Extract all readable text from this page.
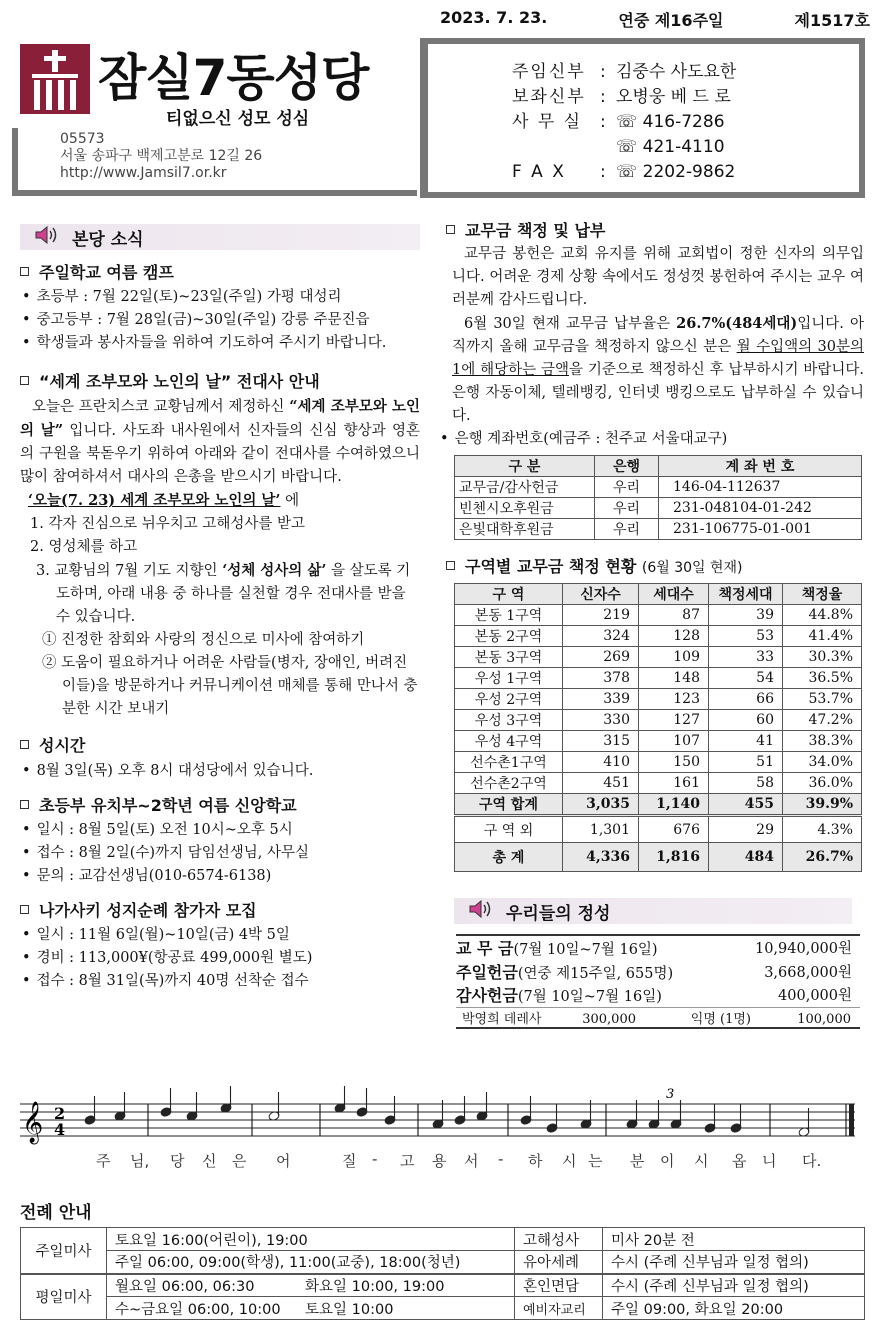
2023. 7. 23.	연중 제16주일	제1517호
잠실7동성당
티없으신 성모 성심
05573
서울 송파구 백제고분로 12길 26
http://www.Jamsil7.or.kr
주임신부 : 김중수 사도요한
보좌신부 : 오병웅 베 드 로
사 무 실	: ☏ 416-7286
☏ 421-4110
F A X	: ☏ 2202-9862
본당 소식
주일학교 여름 캠프
• 초등부 : 7월 22일(토)~23일(주일) 가평 대성리
• 중고등부 : 7월 28일(금)~30일(주일) 강릉 주문진읍
• 학생들과 봉사자들을 위하여 기도하여 주시기 바랍니다.
“세계 조부모와 노인의 날” 전대사 안내
오늘은 프란치스코 교황님께서 제정하신 “세계 조부모와 노인의 날” 입니다. 사도좌 내사원에서 신자들의 신심 향상과 영혼의 구원을 북돋우기 위하여 아래와 같이 전대사를 수여하였으니 많이 참여하셔서 대사의 은총을 받으시기 바랍니다.
‘오늘(7. 23) 세계 조부모와 노인의 날’ 에
1. 각자 진심으로 뉘우치고 고해성사를 받고
2. 영성체를 하고
3. 교황님의 7월 기도 지향인 ‘성체 성사의 삶’ 을 살도록 기도하며, 아래 내용 중 하나를 실천할 경우 전대사를 받을 수 있습니다.
① 진정한 참회와 사랑의 정신으로 미사에 참여하기
② 도움이 필요하거나 어려운 사람들(병자, 장애인, 버려진 이들)을 방문하거나 커뮤니케이션 매체를 통해 만나서 충분한 시간 보내기
성시간
• 8월 3일(목) 오후 8시 대성당에서 있습니다.
초등부 유치부~2학년 여름 신앙학교
• 일시 : 8월 5일(토) 오전 10시~오후 5시
• 접수 : 8월 2일(수)까지 담임선생님, 사무실
• 문의 : 교감선생님(010-6574-6138)
나가사키 성지순례 참가자 모집
• 일시 : 11월 6일(월)~10일(금) 4박 5일
• 경비 : 113,000¥(항공료 499,000원 별도)
• 접수 : 8월 31일(목)까지 40명 선착순 접수
교무금 책정 및 납부
교무금 봉헌은 교회 유지를 위해 교회법이 정한 신자의 의무입니다. 어려운 경제 상황 속에서도 정성껏 봉헌하여 주시는 교우 여러분께 감사드립니다.
6월 30일 현재 교무금 납부율은 26.7%(484세대)입니다. 아직까지 올해 교무금을 책정하지 않으신 분은 월 수입액의 30분의 1에 해당하는 금액을 기준으로 책정하신 후 납부하시기 바랍니다. 은행 자동이체, 텔레뱅킹, 인터넷 뱅킹으로도 납부하실 수 있습니다.
• 은행 계좌번호(예금주 : 천주교 서울대교구)
구 분	은행	계 좌 번 호
교무금/감사헌금	우리	146-04-112637
빈첸시오후원금	우리	231-048104-01-242
은빛대학후원금	우리	231-106775-01-001
구역별 교무금 책정 현황 (6월 30일 현재)
구 역	신자수	세대수	책정세대	책정율
본동 1구역	219	87	39	44.8%
본동 2구역	324	128	53	41.4%
본동 3구역	269	109	33	30.3%
우성 1구역	378	148	54	36.5%
우성 2구역	339	123	66	53.7%
우성 3구역	330	127	60	47.2%
우성 4구역	315	107	41	38.3%
선수촌1구역	410	150	51	34.0%
선수촌2구역	451	161	58	36.0%
구역 합계	3,035	1,140	455	39.9%
구 역 외	1,301	676	29	4.3%
총 계	4,336	1,816	484	26.7%
우리들의 정성
교 무 금(7월 10일~7월 16일)	10,940,000원
주일헌금(연중 제15주일, 655명)	3,668,000원
감사헌금(7월 10일~7월 16일)	400,000원
박영희 데레사 300,000 익명 (1명) 100,000	
𝄞 2
4
3
주 님, 당 신 은 어	질 - 고 용 서 - 하 시 는 분 이 시 옵 니 다.
전례 안내
주일미사	토요일 16:00(어린이), 19:00	고해성사	미사 20분 전
	주일 06:00, 09:00(학생), 11:00(교중), 18:00(청년)	유아세례	수시 (주례 신부님과 일정 협의)
평일미사	월요일 06:00, 06:30 화요일 10:00, 19:00	혼인면담	수시 (주례 신부님과 일정 협의)
	수~금요일 06:00, 10:00 토요일 10:00	예비자교리	주일 09:00, 화요일 20:00
